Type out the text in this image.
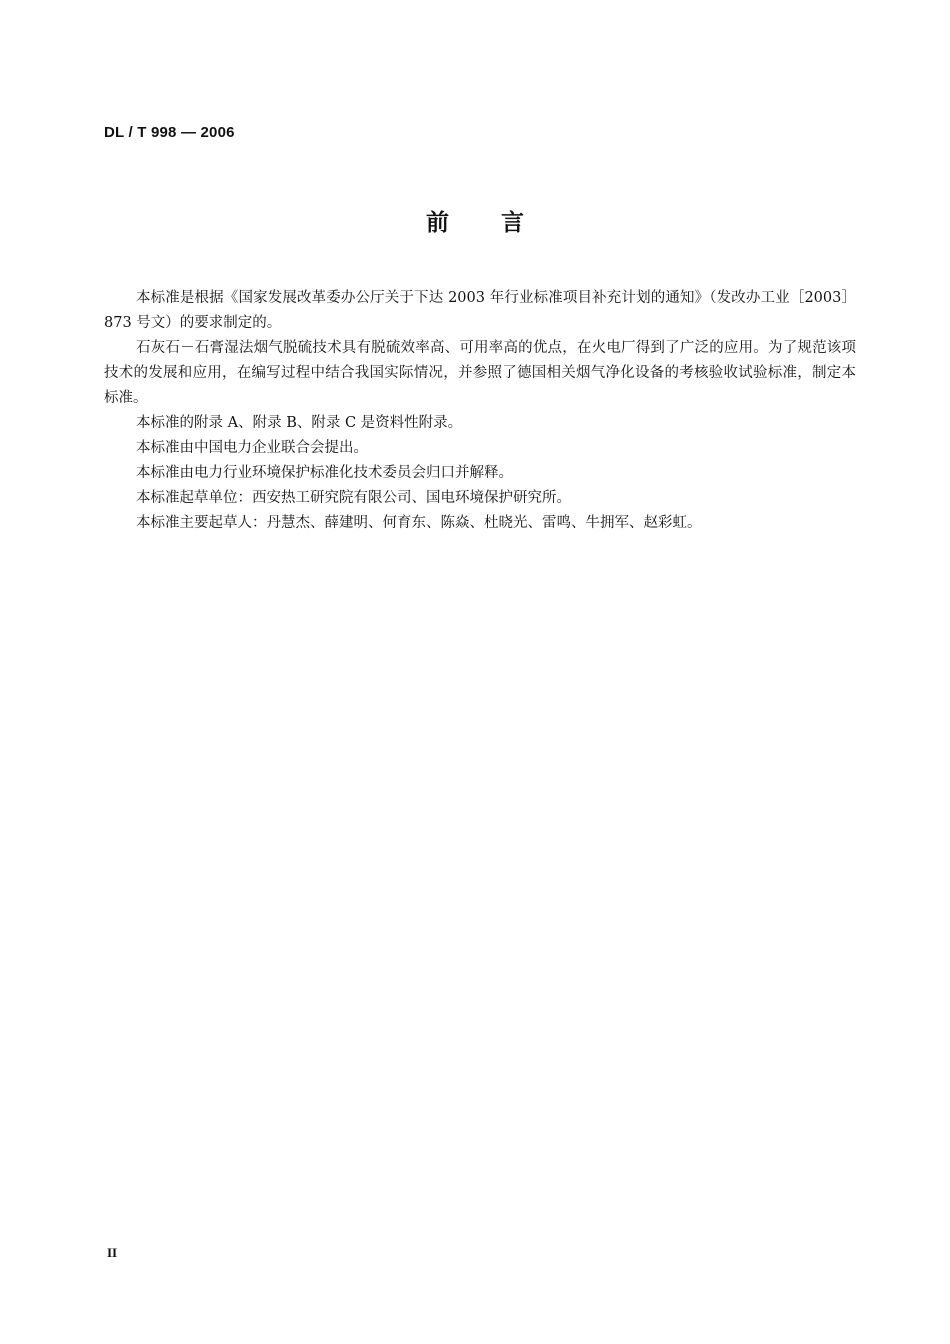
DL / T 998 — 2006
前言

本标准是根据《国家发展改革委办公厅关于下达 2003 年行业标准项目补充计划的通知》（发改办工业［2003］873 号文）的要求制定的。

石灰石－石膏湿法烟气脱硫技术具有脱硫效率高、可用率高的优点，在火电厂得到了广泛的应用。为了规范该项技术的发展和应用，在编写过程中结合我国实际情况，并参照了德国相关烟气净化设备的考核验收试验标准，制定本标准。

本标准的附录 A、附录 B、附录 C 是资料性附录。

本标准由中国电力企业联合会提出。

本标准由电力行业环境保护标准化技术委员会归口并解释。

本标准起草单位：西安热工研究院有限公司、国电环境保护研究所。

本标准主要起草人：丹慧杰、薛建明、何育东、陈焱、杜晓光、雷鸣、牛拥军、赵彩虹。

II
